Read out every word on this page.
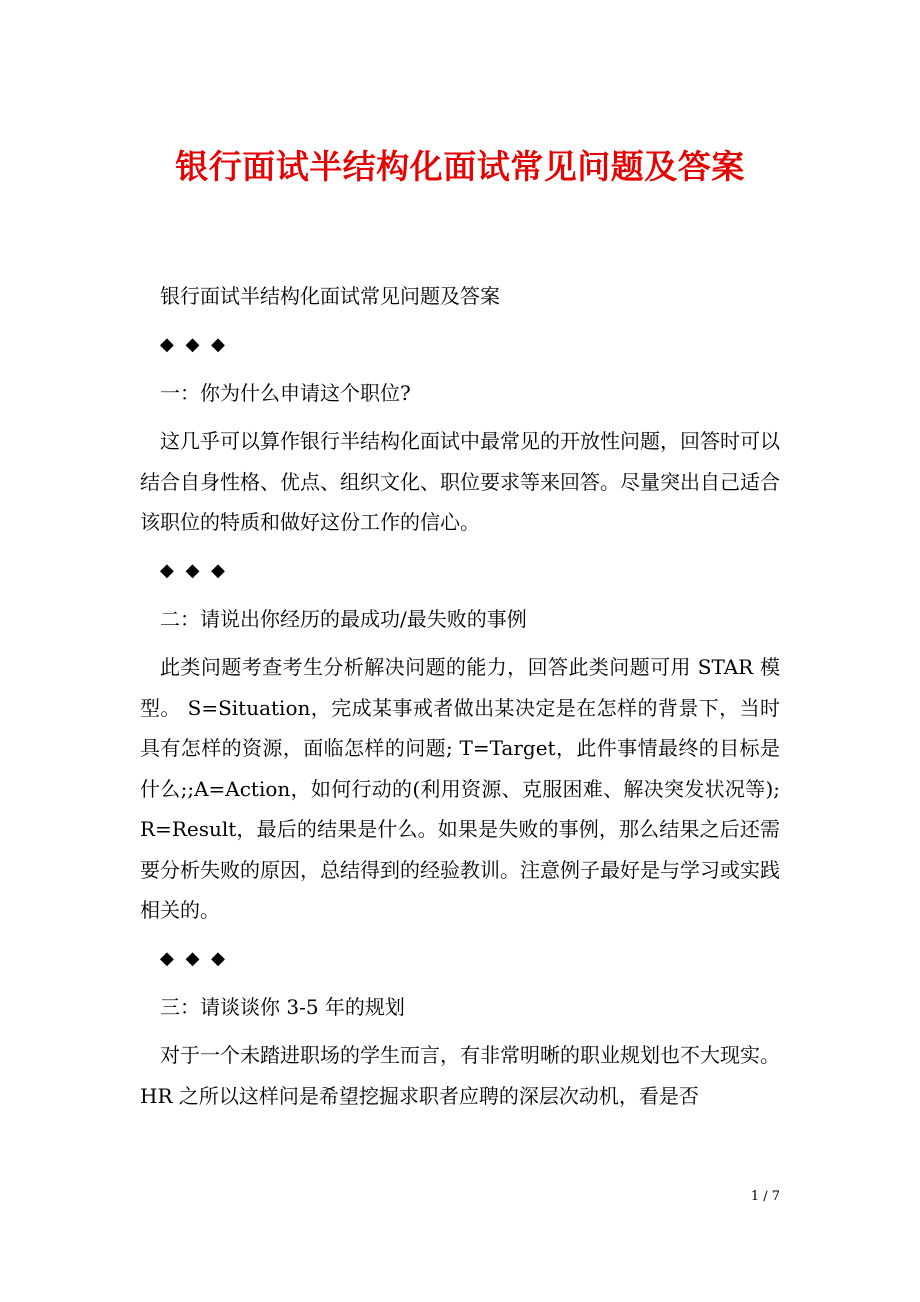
银行面试半结构化面试常见问题及答案

银行面试半结构化面试常见问题及答案

◆ ◆ ◆

一：你为什么申请这个职位?

这几乎可以算作银行半结构化面试中最常见的开放性问题，回答时可以结合自身性格、优点、组织文化、职位要求等来回答。尽量突出自己适合该职位的特质和做好这份工作的信心。

◆ ◆ ◆

二：请说出你经历的最成功/最失败的事例

此类问题考查考生分析解决问题的能力，回答此类问题可用 STAR 模型。 S=Situation，完成某事戒者做出某决定是在怎样的背景下，当时具有怎样的资源，面临怎样的问题; T=Target，此件事情最终的目标是什么;;A=Action，如何行动的(利用资源、克服困难、解决突发状况等); R=Result，最后的结果是什么。如果是失败的事例，那么结果之后还需要分析失败的原因，总结得到的经验教训。注意例子最好是与学习或实践相关的。

◆ ◆ ◆

三：请谈谈你 3-5 年的规划

对于一个未踏进职场的学生而言，有非常明晰的职业规划也不大现实。HR 之所以这样问是希望挖掘求职者应聘的深层次动机，看是否

1 / 7
